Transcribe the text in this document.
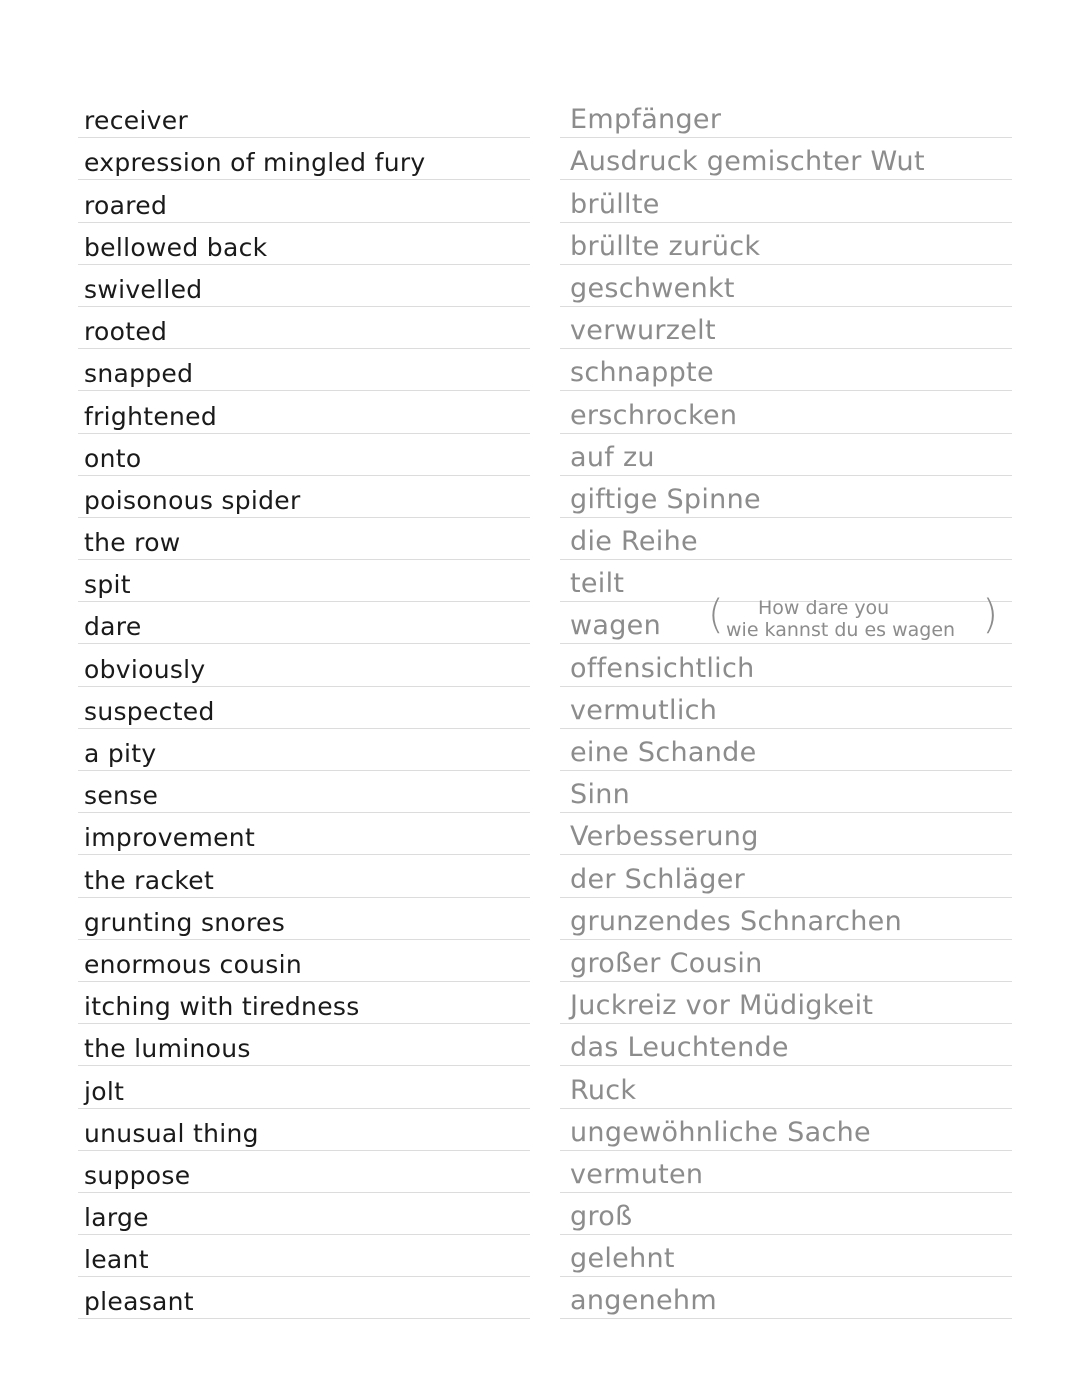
receiver
expression of mingled fury
roared
bellowed back
swivelled
rooted
snapped
frightened
onto
poisonous spider
the row
spit
dare
obviously
suspected
a pity
sense
improvement
the racket
grunting snores
enormous cousin
itching with tiredness
the luminous
jolt
unusual thing
suppose
large
leant
pleasant
Empfänger
Ausdruck gemischter Wut
brüllte
brüllte zurück
geschwenkt
verwurzelt
schnappte
erschrocken
auf zu
giftige Spinne
die Reihe
teilt
wagen ( How dare you
wie kannst du es wagen )
offensichtlich
vermutlich
eine Schande
Sinn
Verbesserung
der Schläger
grunzendes Schnarchen
großer Cousin
Juckreiz vor Müdigkeit
das Leuchtende
Ruck
ungewöhnliche Sache
vermuten
groß
gelehnt
angenehm
